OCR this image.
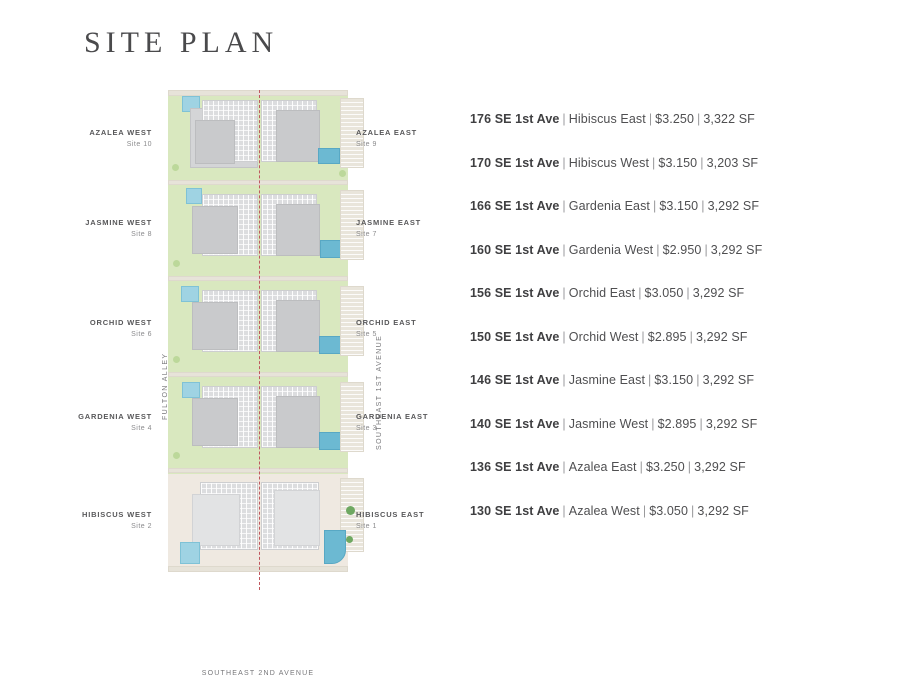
SITE PLAN
AZALEA WEST
Site 10
AZALEA EAST
Site 9
JASMINE WEST
Site 8
JASMINE EAST
Site 7
ORCHID WEST
Site 6
ORCHID EAST
Site 5
GARDENIA WEST
Site 4
GARDENIA EAST
Site 3
HIBISCUS WEST
Site 2
HIBISCUS EAST
Site 1
FULTON ALLEY	SOUTHEAST 1ST AVENUE
SOUTHEAST 2ND AVENUE
176 SE 1st Ave | Hibiscus East | $3.250 | 3,322 SF
170 SE 1st Ave | Hibiscus West | $3.150 | 3,203 SF
166 SE 1st Ave | Gardenia East | $3.150 | 3,292 SF
160 SE 1st Ave | Gardenia West | $2.950 | 3,292 SF
156 SE 1st Ave | Orchid East | $3.050 | 3,292 SF
150 SE 1st Ave | Orchid West | $2.895 | 3,292 SF
146 SE 1st Ave | Jasmine East | $3.150 | 3,292 SF
140 SE 1st Ave | Jasmine West | $2.895 | 3,292 SF
136 SE 1st Ave | Azalea East | $3.250 | 3,292 SF
130 SE 1st Ave | Azalea West | $3.050 | 3,292 SF
